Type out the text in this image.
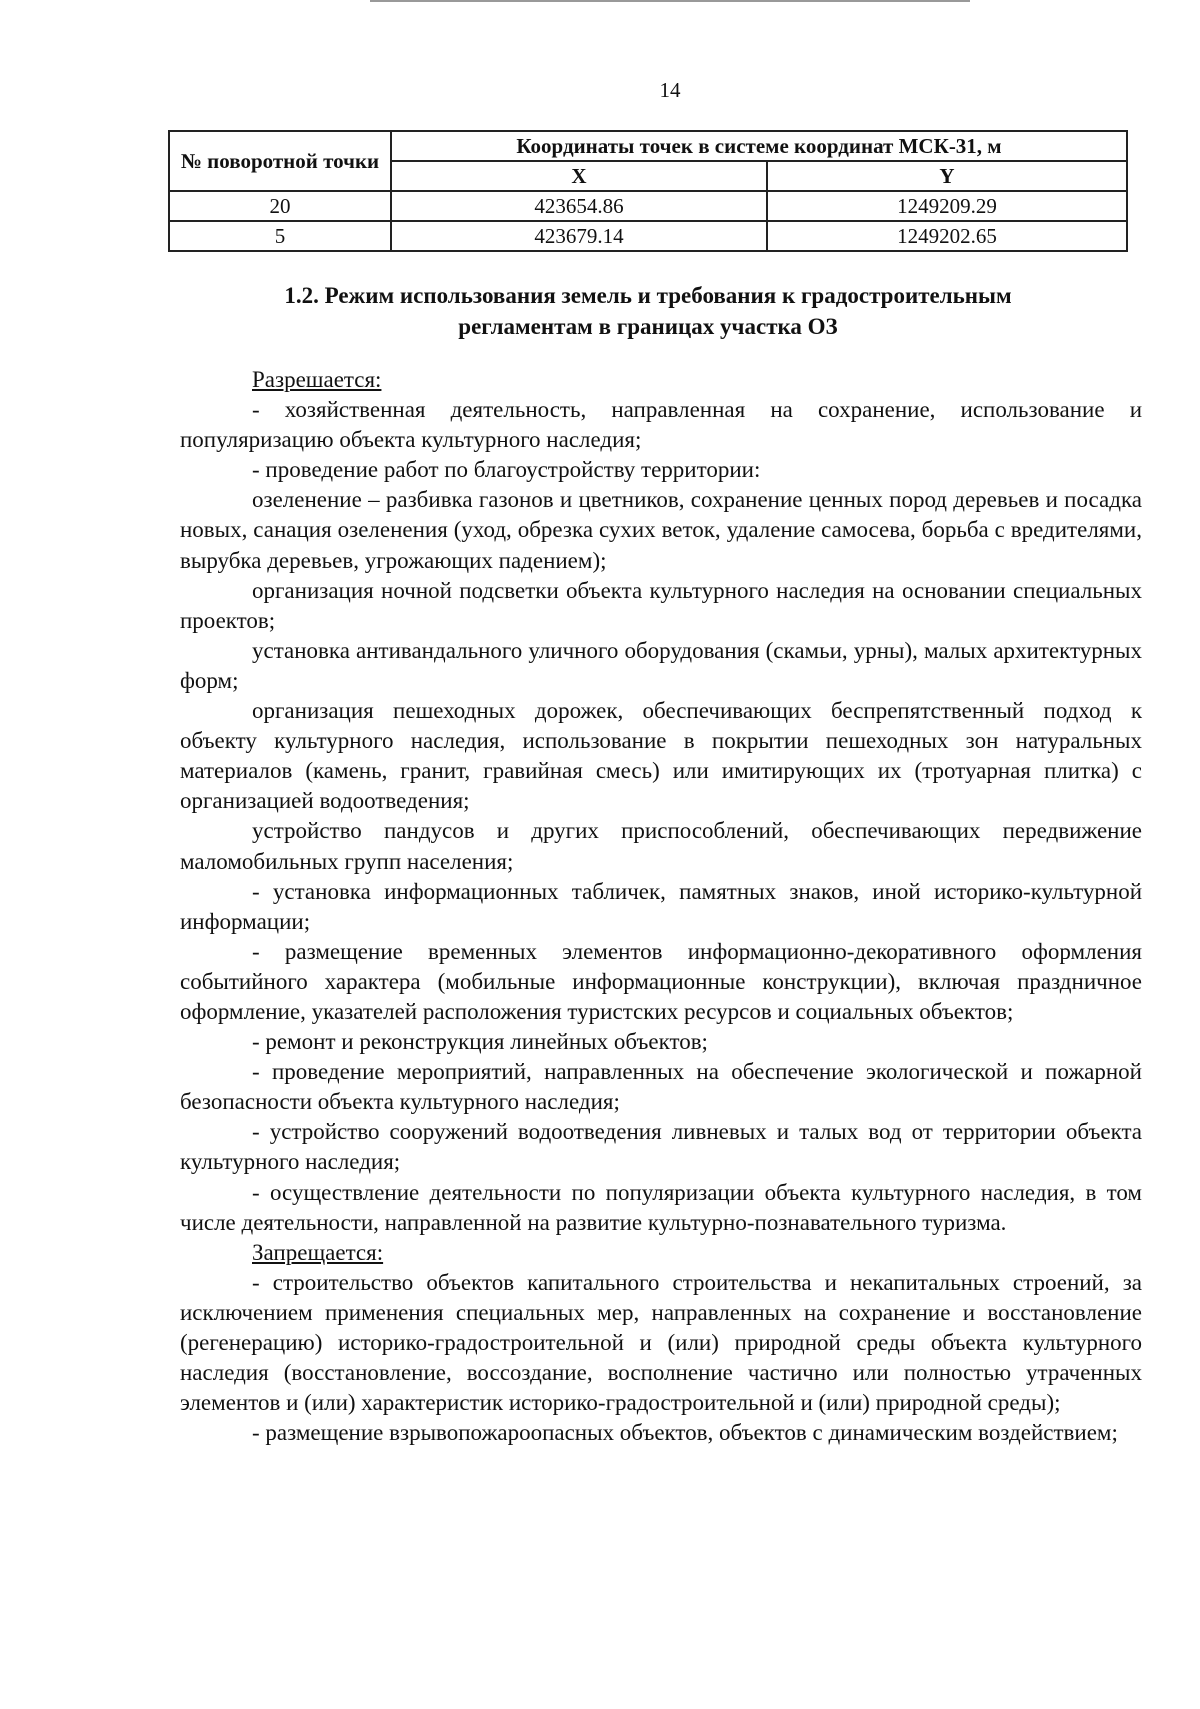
14
№ поворотной точки	Координаты точек в системе координат МСК-31, м	
	X	Y
20	423654.86	1249209.29
5	423679.14	1249202.65
1.2. Режим использования земель и требования к градостроительным
регламентам в границах участка ОЗ

Разрешается:

- хозяйственная деятельность, направленная на сохранение, использование и популяризацию объекта культурного наследия;

- проведение работ по благоустройству территории:

озеленение – разбивка газонов и цветников, сохранение ценных пород деревьев и посадка новых, санация озеленения (уход, обрезка сухих веток, удаление самосева, борьба с вредителями, вырубка деревьев, угрожающих падением);

организация ночной подсветки объекта культурного наследия на основании специальных проектов;

установка антивандального уличного оборудования (скамьи, урны), малых архитектурных форм;

организация пешеходных дорожек, обеспечивающих беспрепятственный подход к объекту культурного наследия, использование в покрытии пешеходных зон натуральных материалов (камень, гранит, гравийная смесь) или имитирующих их (тротуарная плитка) с организацией водоотведения;

устройство пандусов и других приспособлений, обеспечивающих передвижение маломобильных групп населения;

- установка информационных табличек, памятных знаков, иной историко-культурной информации;

- размещение временных элементов информационно-декоративного оформления событийного характера (мобильные информационные конструкции), включая праздничное оформление, указателей расположения туристских ресурсов и социальных объектов;

- ремонт и реконструкция линейных объектов;

- проведение мероприятий, направленных на обеспечение экологической и пожарной безопасности объекта культурного наследия;

- устройство сооружений водоотведения ливневых и талых вод от территории объекта культурного наследия;

- осуществление деятельности по популяризации объекта культурного наследия, в том числе деятельности, направленной на развитие культурно-познавательного туризма.

Запрещается:

- строительство объектов капитального строительства и некапитальных строений, за исключением применения специальных мер, направленных на сохранение и восстановление (регенерацию) историко-градостроительной и (или) природной среды объекта культурного наследия (восстановление, воссоздание, восполнение частично или полностью утраченных элементов и (или) характеристик историко-градостроительной и (или) природной среды);

- размещение взрывопожароопасных объектов, объектов с динамическим воздействием;
